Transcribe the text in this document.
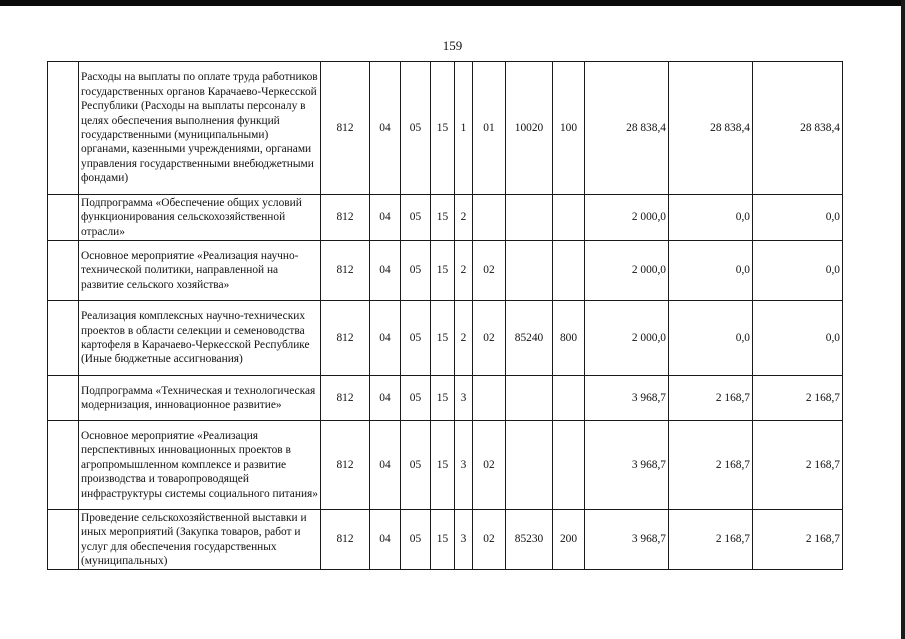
159
	Расходы на выплаты по оплате труда работников государственных органов Карачаево-Черкесской Республики (Расходы на выплаты персоналу в целях обеспечения выполнения функций государственными (муниципальными) органами, казенными учреждениями, органами управления государственными внебюджетными фондами)	812	04	05	15	1	01	10020	100	28 838,4	28 838,4	28 838,4
	Подпрограмма «Обеспечение общих условий функционирования сельскохозяйственной отрасли»	812	04	05	15	2				2 000,0	0,0	0,0
	Основное мероприятие «Реализация научно-технической политики, направленной на развитие сельского хозяйства»	812	04	05	15	2	02			2 000,0	0,0	0,0
	Реализация комплексных научно-технических проектов в области селекции и семеноводства картофеля в Карачаево-Черкесской Республике (Иные бюджетные ассигнования)	812	04	05	15	2	02	85240	800	2 000,0	0,0	0,0
	Подпрограмма «Техническая и технологическая модернизация, инновационное развитие»	812	04	05	15	3				3 968,7	2 168,7	2 168,7
	Основное мероприятие «Реализация перспективных инновационных проектов в агропромышленном комплексе и развитие производства и товаропроводящей инфраструктуры системы социального питания»	812	04	05	15	3	02			3 968,7	2 168,7	2 168,7
	Проведение сельскохозяйственной выставки и иных мероприятий (Закупка товаров, работ и услуг для обеспечения государственных (муниципальных)	812	04	05	15	3	02	85230	200	3 968,7	2 168,7	2 168,7
